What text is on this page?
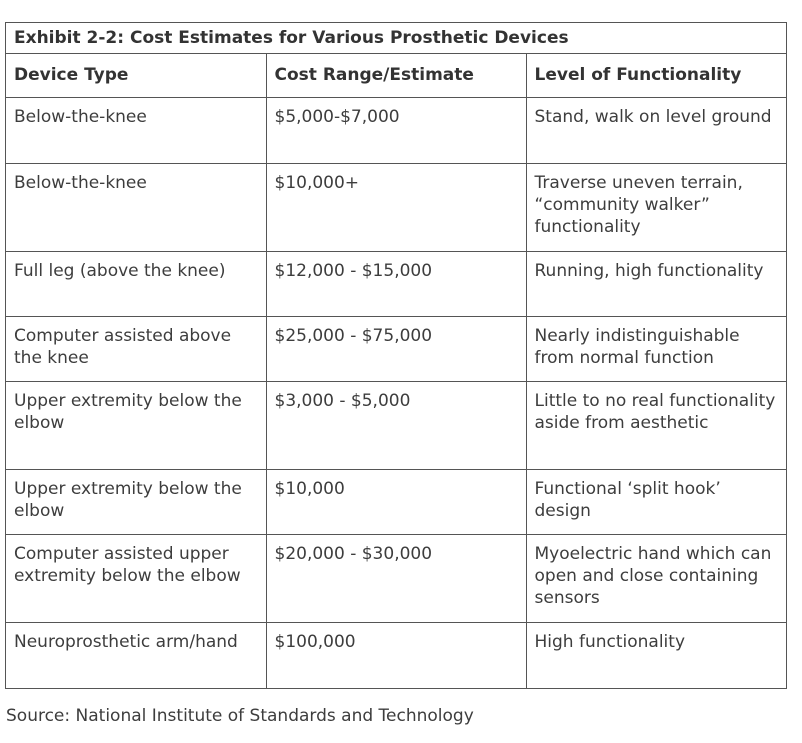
Exhibit 2-2: Cost Estimates for Various Prosthetic Devices
Device Type	Cost Range/Estimate	Level of Functionality
Below-the-knee	$5,000-$7,000	Stand, walk on level ground
Below-the-knee	$10,000+	Traverse uneven terrain, “community walker” functionality
Full leg (above the knee)	$12,000 - $15,000	Running, high functionality
Computer assisted above the knee	$25,000 - $75,000	Nearly indistinguishable from normal function
Upper extremity below the elbow	$3,000 - $5,000	Little to no real functionality aside from aesthetic
Upper extremity below the elbow	$10,000	Functional ‘split hook’ design
Computer assisted upper extremity below the elbow	$20,000 - $30,000	Myoelectric hand which can open and close containing sensors
Neuroprosthetic arm/hand	$100,000	High functionality
Source: National Institute of Standards and Technology
